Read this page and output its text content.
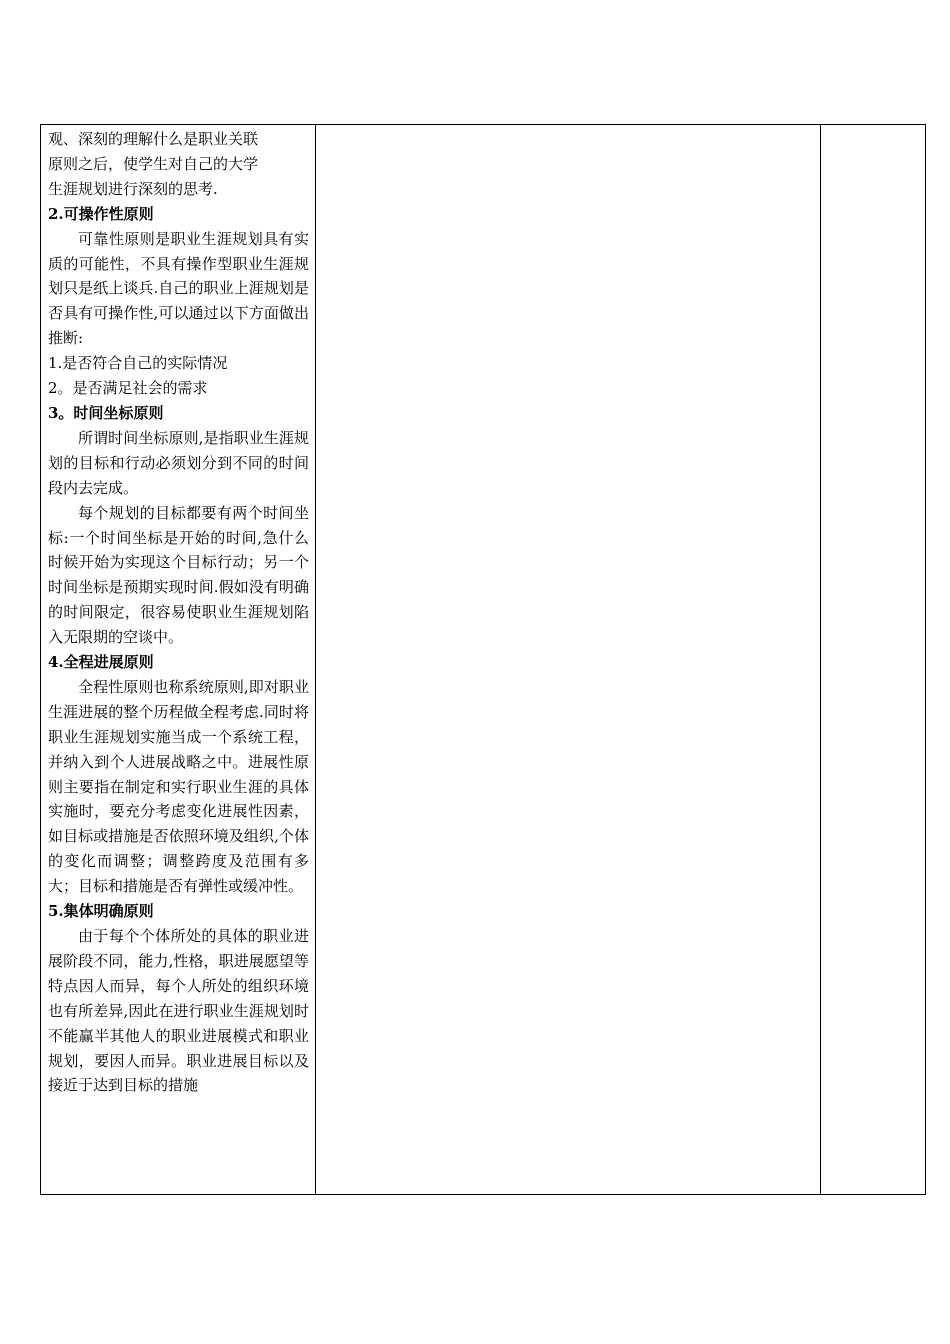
观、深刻的理解什么是职业关联
原则之后，使学生对自己的大学
生涯规划进行深刻的思考.
2.可操作性原则
可靠性原则是职业生涯规划具有实质的可能性，不具有操作型职业生涯规划只是纸上谈兵.自己的职业上涯规划是否具有可操作性,可以通过以下方面做出推断:
1.是否符合自己的实际情况
2。是否满足社会的需求
3。时间坐标原则
所谓时间坐标原则,是指职业生涯规划的目标和行动必须划分到不同的时间段内去完成。
每个规划的目标都要有两个时间坐标:一个时间坐标是开始的时间,急什么时候开始为实现这个目标行动；另一个时间坐标是预期实现时间.假如没有明确的时间限定，很容易使职业生涯规划陷入无限期的空谈中。
4.全程进展原则
全程性原则也称系统原则,即对职业生涯进展的整个历程做全程考虑.同时将职业生涯规划实施当成一个系统工程，并纳入到个人进展战略之中。进展性原则主要指在制定和实行职业生涯的具体实施时，要充分考虑变化进展性因素，如目标或措施是否依照环境及组织,个体的变化而调整；调整跨度及范围有多大；目标和措施是否有弹性或缓冲性。
5.集体明确原则
由于每个个体所处的具体的职业进展阶段不同，能力,性格，职进展愿望等特点因人而异，每个人所处的组织环境也有所差异,因此在进行职业生涯规划时不能赢半其他人的职业进展模式和职业规划，要因人而异。职业进展目标以及接近于达到目标的措施
